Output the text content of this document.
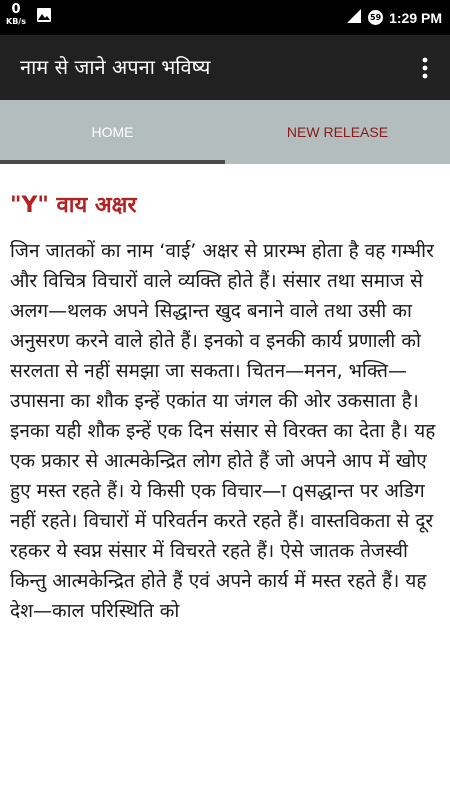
0
KB/s	59 1:29 PM
नाम से जाने अपना भविष्य
HOME	NEW RELEASE
"Y" वाय अक्षर
जिन जातकों का नाम ‘वाई’ अक्षर से प्रारम्भ होता है वह गम्भीर और विचित्र विचारों वाले व्यक्ति होते हैं। संसार तथा समाज से अलग—थलक अपने सिद्धान्त खुद बनाने वाले तथा उसी का अनुसरण करने वाले होते हैं। इनको व इनकी कार्य प्रणाली को सरलता से नहीं समझा जा सकता। चितन—मनन, भक्ति—उपासना का शौक इन्हें एकांत या जंगल की ओर उकसाता है। इनका यही शौक इन्हें एक दिन संसार से विरक्त का देता है। यह एक प्रकार से आत्मकेन्द्रित लोग होते हैं जो अपने आप में खोए हुए मस्त रहते हैं। ये किसी एक विचार—ा qसद्धान्त पर अडिग नहीं रहते। विचारों में परिवर्तन करते रहते हैं। वास्तविकता से दूर रहकर ये स्वप्न संसार में विचरते रहते हैं। ऐसे जातक तेजस्वी किन्तु आत्मकेन्द्रित होते हैं एवं अपने कार्य में मस्त रहते हैं। यह देश—काल परिस्थिति को
